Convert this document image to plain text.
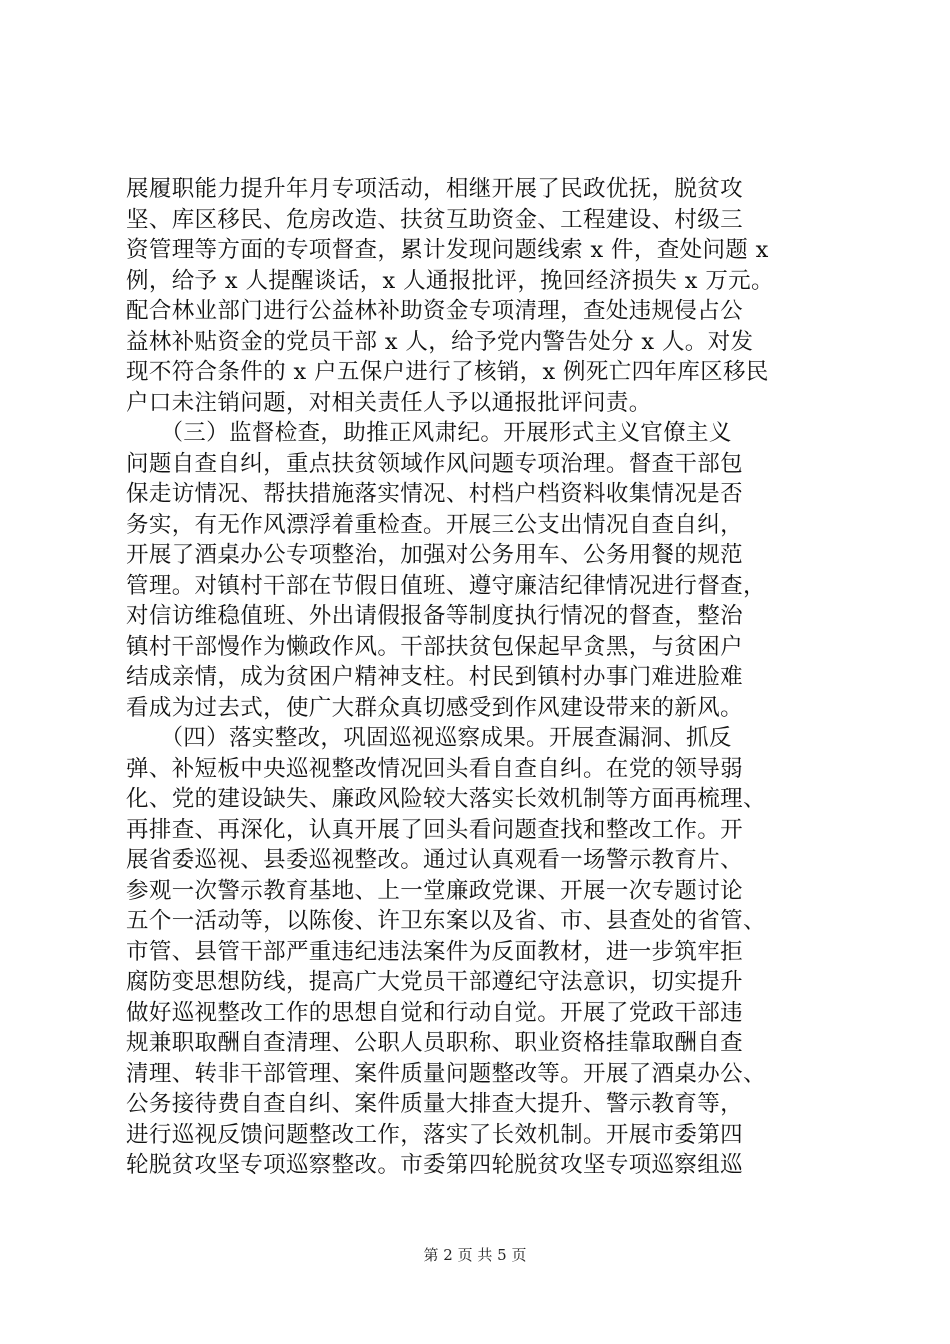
展履职能力提升年月专项活动，相继开展了民政优抚，脱贫攻
坚、库区移民、危房改造、扶贫互助资金、工程建设、村级三
资管理等方面的专项督查，累计发现问题线索 x 件，查处问题 x
例，给予 x 人提醒谈话，x 人通报批评，挽回经济损失 x 万元。
配合林业部门进行公益林补助资金专项清理，查处违规侵占公
益林补贴资金的党员干部 x 人，给予党内警告处分 x 人。对发
现不符合条件的 x 户五保户进行了核销，x 例死亡四年库区移民
户口未注销问题，对相关责任人予以通报批评问责。
　　（三）监督检查，助推正风肃纪。开展形式主义官僚主义
问题自查自纠，重点扶贫领域作风问题专项治理。督查干部包
保走访情况、帮扶措施落实情况、村档户档资料收集情况是否
务实，有无作风漂浮着重检查。开展三公支出情况自查自纠，
开展了酒桌办公专项整治，加强对公务用车、公务用餐的规范
管理。对镇村干部在节假日值班、遵守廉洁纪律情况进行督查，
对信访维稳值班、外出请假报备等制度执行情况的督查，整治
镇村干部慢作为懒政作风。干部扶贫包保起早贪黑，与贫困户
结成亲情，成为贫困户精神支柱。村民到镇村办事门难进脸难
看成为过去式，使广大群众真切感受到作风建设带来的新风。
　　（四）落实整改，巩固巡视巡察成果。开展查漏洞、抓反
弹、补短板中央巡视整改情况回头看自查自纠。在党的领导弱
化、党的建设缺失、廉政风险较大落实长效机制等方面再梳理、
再排查、再深化，认真开展了回头看问题查找和整改工作。开
展省委巡视、县委巡视整改。通过认真观看一场警示教育片、
参观一次警示教育基地、上一堂廉政党课、开展一次专题讨论
五个一活动等，以陈俊、许卫东案以及省、市、县查处的省管、
市管、县管干部严重违纪违法案件为反面教材，进一步筑牢拒
腐防变思想防线，提高广大党员干部遵纪守法意识，切实提升
做好巡视整改工作的思想自觉和行动自觉。开展了党政干部违
规兼职取酬自查清理、公职人员职称、职业资格挂靠取酬自查
清理、转非干部管理、案件质量问题整改等。开展了酒桌办公、
公务接待费自查自纠、案件质量大排查大提升、警示教育等，
进行巡视反馈问题整改工作，落实了长效机制。开展市委第四
轮脱贫攻坚专项巡察整改。市委第四轮脱贫攻坚专项巡察组巡
第 2 页 共 5 页
